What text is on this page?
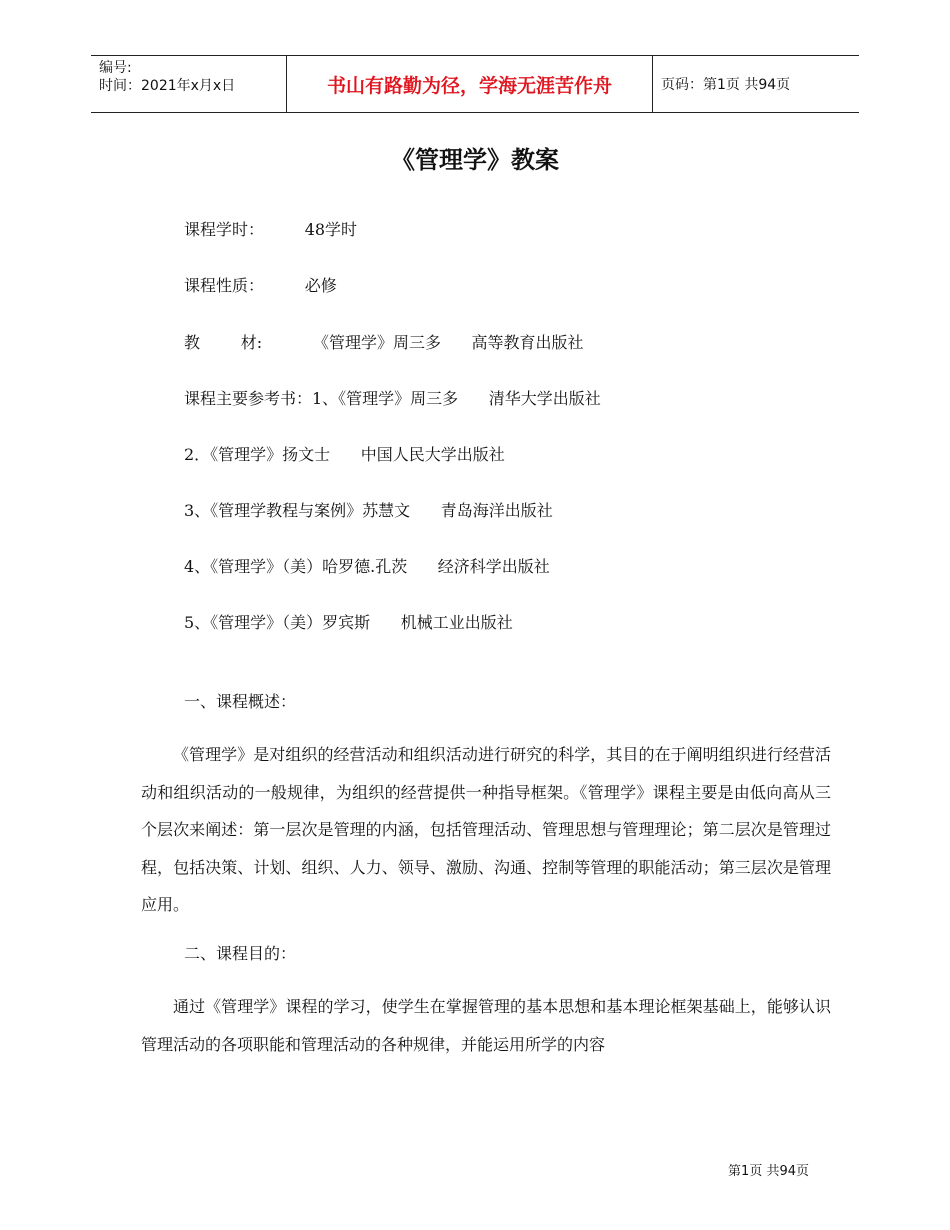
编号:
时间：2021年x月x日	书山有路勤为径，学海无涯苦作舟	页码：第1页 共94页
《管理学》教案
课程学时：        48学时
课程性质：        必修
教        材:          《管理学》周三多      高等教育出版社
课程主要参考书：1、《管理学》周三多      清华大学出版社
2．《管理学》扬文士      中国人民大学出版社
3、《管理学教程与案例》苏慧文      青岛海洋出版社
4、《管理学》（美）哈罗德.孔茨      经济科学出版社
5、《管理学》（美）罗宾斯      机械工业出版社
一、课程概述：
《管理学》是对组织的经营活动和组织活动进行研究的科学，其目的在于阐明组织进行经营活动和组织活动的一般规律，为组织的经营提供一种指导框架。《管理学》课程主要是由低向高从三个层次来阐述：第一层次是管理的内涵，包括管理活动、管理思想与管理理论；第二层次是管理过程，包括决策、计划、组织、人力、领导、激励、沟通、控制等管理的职能活动；第三层次是管理应用。
二、课程目的：
通过《管理学》课程的学习，使学生在掌握管理的基本思想和基本理论框架基础上，能够认识管理活动的各项职能和管理活动的各种规律，并能运用所学的内容
第1页 共94页
